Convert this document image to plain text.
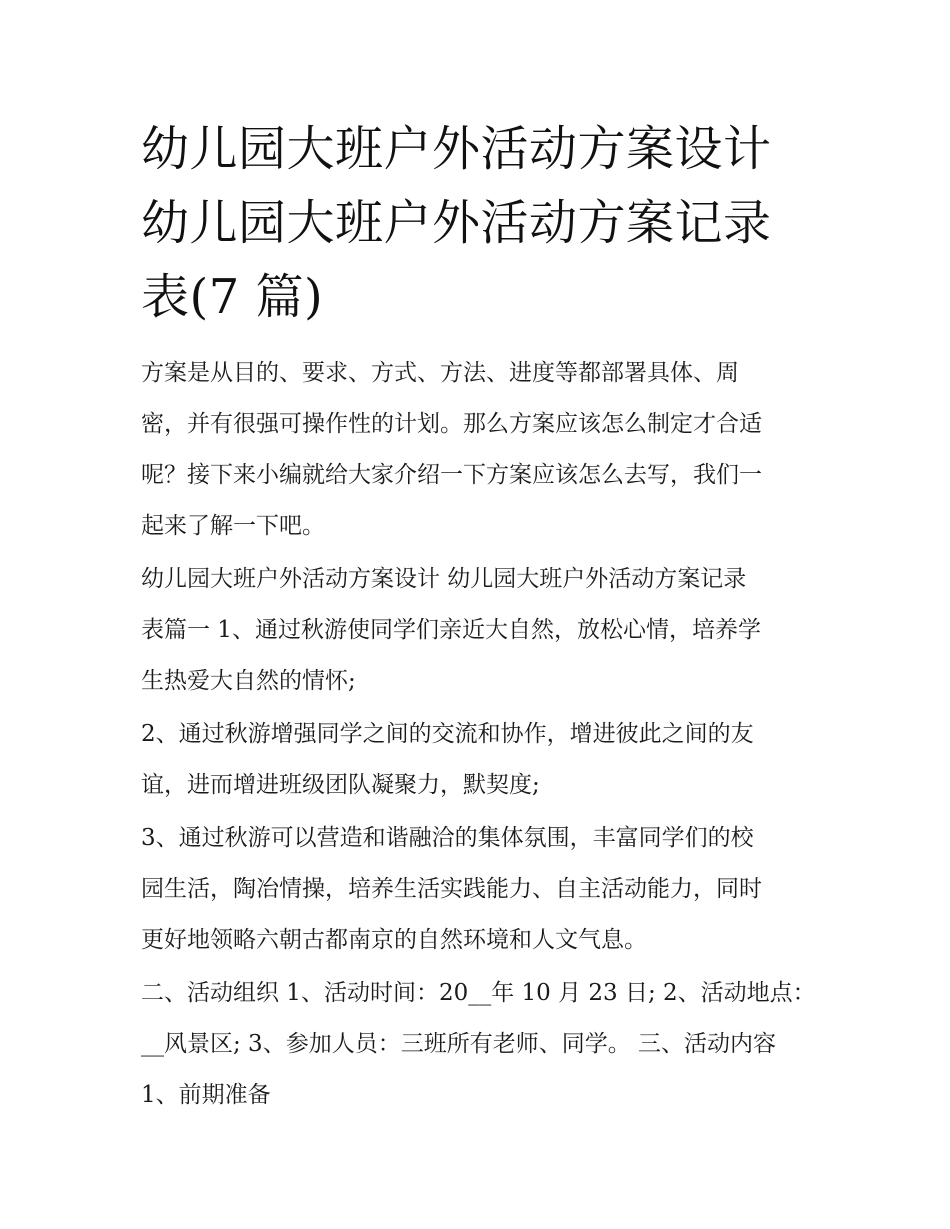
幼儿园大班户外活动方案设计
幼儿园大班户外活动方案记录
表(7 篇)

方案是从目的、要求、方式、方法、进度等都部署具体、周
密，并有很强可操作性的计划。那么方案应该怎么制定才合适
呢？接下来小编就给大家介绍一下方案应该怎么去写，我们一
起来了解一下吧。

幼儿园大班户外活动方案设计 幼儿园大班户外活动方案记录
表篇一 1、通过秋游使同学们亲近大自然，放松心情，培养学
生热爱大自然的情怀;

2、通过秋游增强同学之间的交流和协作，增进彼此之间的友
谊，进而增进班级团队凝聚力，默契度;

3、通过秋游可以营造和谐融洽的集体氛围，丰富同学们的校
园生活，陶冶情操，培养生活实践能力、自主活动能力，同时
更好地领略六朝古都南京的自然环境和人文气息。

二、活动组织 1、活动时间：20__年 10 月 23 日; 2、活动地点：
__风景区; 3、参加人员：三班所有老师、同学。 三、活动内容
1、前期准备
